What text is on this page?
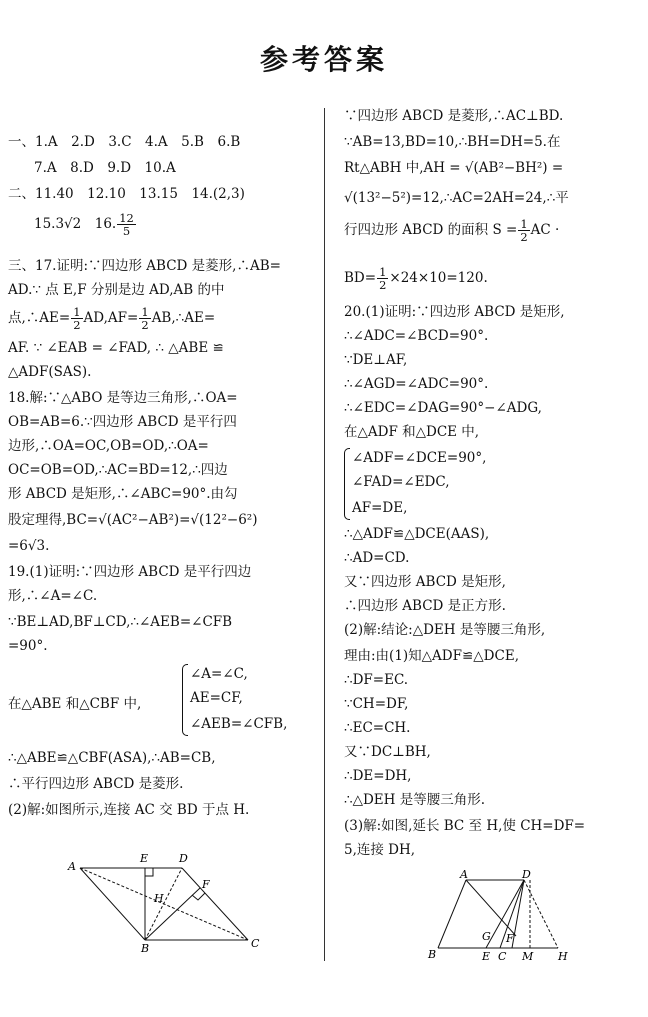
参考答案
一、1.A　2.D　3.C　4.A　5.B　6.B
7.A　8.D　9.D　10.A
二、11.40　12.10　13.15　14.(2,3)
15.3√2　16. $\frac{12}{5}$
三、17.证明:∵四边形 ABCD 是菱形,∴AB=
AD.∵ 点 E,F 分别是边 AD,AB 的中
点,∴AE= $\frac{1}{2} AD,AF= \frac{1}{2}$ AB,∴AE=
AF. ∵ ∠EAB = ∠FAD, ∴ △ABE ≌
△ADF(SAS).
18.解:∵△ABO 是等边三角形,∴OA=
OB=AB=6.∵四边形 ABCD 是平行四
边形,∴OA=OC,OB=OD,∴OA=
OC=OB=OD,∴AC=BD=12,∴四边
形 ABCD 是矩形,∴∠ABC=90°.由勾
股定理得,BC=√(AC²−AB²)=√(12²−6²)
=6√3.
19.(1)证明:∵四边形 ABCD 是平行四边
形,∴∠A=∠C.
∵BE⊥AD,BF⊥CD,∴∠AEB=∠CFB
=90°.
在△ABE 和△CBF 中,
∠A=∠C,
AE=CF,
∠AEB=∠CFB,
∴△ABE≌△CBF(ASA),∴AB=CB,
∴平行四边形 ABCD 是菱形.
(2)解:如图所示,连接 AC 交 BD 于点 H.
A
E	D
F
H
B	C
∵四边形 ABCD 是菱形,∴AC⊥BD.
∵AB=13,BD=10,∴BH=DH=5.在
Rt△ABH 中,AH = √(AB²−BH²) =
√(13²−5²)=12,∴AC=2AH=24,∴平
行四边形 ABCD 的面积 $S = \frac{1}{2}$ AC ·
$BD= \frac{1}{2} \times 24\times 10=120$.
20.(1)证明:∵四边形 ABCD 是矩形,
∴∠ADC=∠BCD=90°.
∵DE⊥AF,
∴∠AGD=∠ADC=90°.
∴∠EDC=∠DAG=90°−∠ADG,
在△ADF 和△DCE 中,
∠ADF=∠DCE=90°,
∠FAD=∠EDC,
AF=DE,
∴△ADF≌△DCE(AAS),
∴AD=CD.
又∵四边形 ABCD 是矩形,
∴四边形 ABCD 是正方形.
(2)解:结论:△DEH 是等腰三角形,
理由:由(1)知△ADF≌△DCE,
∴DF=EC.
∵CH=DF,
∴EC=CH.
又∵DC⊥BH,
∴DE=DH,
∴△DEH 是等腰三角形.
(3)解:如图,延长 BC 至 H,使 CH=DF=
5,连接 DH,
A	D
G F
B	E C M H
